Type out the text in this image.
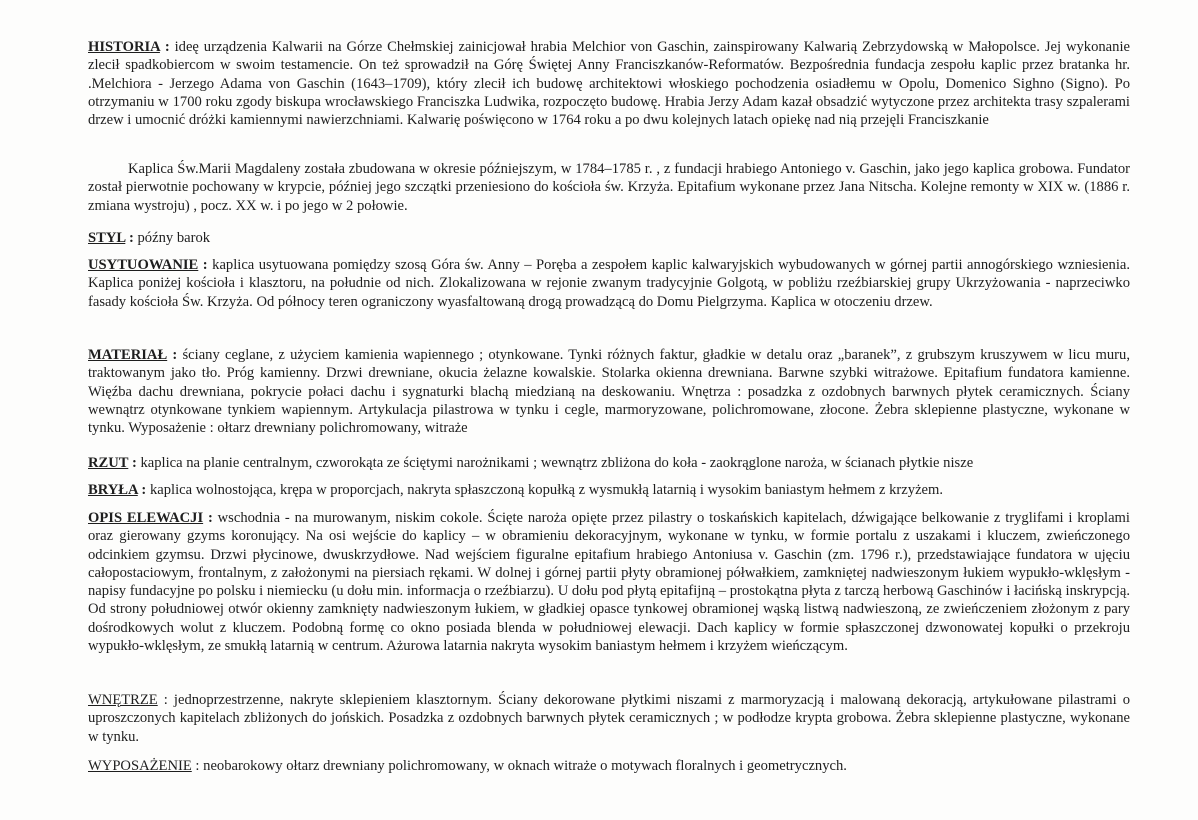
HISTORIA : ideę urządzenia Kalwarii na Górze Chełmskiej zainicjował hrabia Melchior von Gaschin, zainspirowany Kalwarią Zebrzydowską w Małopolsce. Jej wykonanie zlecił spadkobiercom w swoim testamencie. On też sprowadził na Górę Świętej Anny Franciszkanów-Reformatów. Bezpośrednia fundacja zespołu kaplic przez bratanka hr. .Melchiora - Jerzego Adama von Gaschin (1643–1709), który zlecił ich budowę architektowi włoskiego pochodzenia osiadłemu w Opolu, Domenico Sighno (Signo). Po otrzymaniu w 1700 roku zgody biskupa wrocławskiego Franciszka Ludwika, rozpoczęto budowę. Hrabia Jerzy Adam kazał obsadzić wytyczone przez architekta trasy szpalerami drzew i umocnić dróżki kamiennymi nawierzchniami. Kalwarię poświęcono w 1764 roku a po dwu kolejnych latach opiekę nad nią przejęli Franciszkanie
Kaplica Św.Marii Magdaleny została zbudowana w okresie późniejszym, w 1784–1785 r. , z fundacji hrabiego Antoniego v. Gaschin, jako jego kaplica grobowa. Fundator został pierwotnie pochowany w krypcie, później jego szczątki przeniesiono do kościoła św. Krzyża. Epitafium wykonane przez Jana Nitscha. Kolejne remonty w XIX w. (1886 r. zmiana wystroju) , pocz. XX w. i po jego w 2 połowie.
STYL : późny barok
USYTUOWANIE : kaplica usytuowana pomiędzy szosą Góra św. Anny – Poręba a zespołem kaplic kalwaryjskich wybudowanych w górnej partii annogórskiego wzniesienia. Kaplica poniżej kościoła i klasztoru, na południe od nich. Zlokalizowana w rejonie zwanym tradycyjnie Golgotą, w pobliżu rzeźbiarskiej grupy Ukrzyżowania - naprzeciwko fasady kościoła Św. Krzyża. Od północy teren ograniczony wyasfaltowaną drogą prowadzącą do Domu Pielgrzyma. Kaplica w otoczeniu drzew.
MATERIAŁ : ściany ceglane, z użyciem kamienia wapiennego ; otynkowane. Tynki różnych faktur, gładkie w detalu oraz „baranek”, z grubszym kruszywem w licu muru, traktowanym jako tło. Próg kamienny. Drzwi drewniane, okucia żelazne kowalskie. Stolarka okienna drewniana. Barwne szybki witrażowe. Epitafium fundatora kamienne. Więźba dachu drewniana, pokrycie połaci dachu i sygnaturki blachą miedzianą na deskowaniu. Wnętrza : posadzka z ozdobnych barwnych płytek ceramicznych. Ściany wewnątrz otynkowane tynkiem wapiennym. Artykulacja pilastrowa w tynku i cegle, marmoryzowane, polichromowane, złocone. Żebra sklepienne plastyczne, wykonane w tynku. Wyposażenie : ołtarz drewniany polichromowany, witraże
RZUT : kaplica na planie centralnym, czworokąta ze ściętymi narożnikami ; wewnątrz zbliżona do koła - zaokrąglone naroża, w ścianach płytkie nisze
BRYŁA : kaplica wolnostojąca, krępa w proporcjach, nakryta spłaszczoną kopułką z wysmukłą latarnią i wysokim baniastym hełmem z krzyżem.
OPIS ELEWACJI : wschodnia - na murowanym, niskim cokole. Ścięte naroża opięte przez pilastry o toskańskich kapitelach, dźwigające belkowanie z tryglifami i kroplami oraz gierowany gzyms koronujący. Na osi wejście do kaplicy – w obramieniu dekoracyjnym, wykonane w tynku, w formie portalu z uszakami i kluczem, zwieńczonego odcinkiem gzymsu. Drzwi płycinowe, dwuskrzydłowe. Nad wejściem figuralne epitafium hrabiego Antoniusa v. Gaschin (zm. 1796 r.), przedstawiające fundatora w ujęciu całopostaciowym, frontalnym, z założonymi na piersiach rękami. W dolnej i górnej partii płyty obramionej półwałkiem, zamkniętej nadwieszonym łukiem wypukło-wklęsłym - napisy fundacyjne po polsku i niemiecku (u dołu min. informacja o rzeźbiarzu). U dołu pod płytą epitafijną – prostokątna płyta z tarczą herbową Gaschinów i łacińską inskrypcją. Od strony południowej otwór okienny zamknięty nadwieszonym łukiem, w gładkiej opasce tynkowej obramionej wąską listwą nadwieszoną, ze zwieńczeniem złożonym z pary dośrodkowych wolut z kluczem. Podobną formę co okno posiada blenda w południowej elewacji. Dach kaplicy w formie spłaszczonej dzwonowatej kopułki o przekroju wypukło-wklęsłym, ze smukłą latarnią w centrum. Ażurowa latarnia nakryta wysokim baniastym hełmem i krzyżem wieńczącym.
WNĘTRZE : jednoprzestrzenne, nakryte sklepieniem klasztornym. Ściany dekorowane płytkimi niszami z marmoryzacją i malowaną dekoracją, artykułowane pilastrami o uproszczonych kapitelach zbliżonych do jońskich. Posadzka z ozdobnych barwnych płytek ceramicznych ; w podłodze krypta grobowa. Żebra sklepienne plastyczne, wykonane w tynku.
WYPOSAŻENIE : neobarokowy ołtarz drewniany polichromowany, w oknach witraże o motywach floralnych i geometrycznych.
